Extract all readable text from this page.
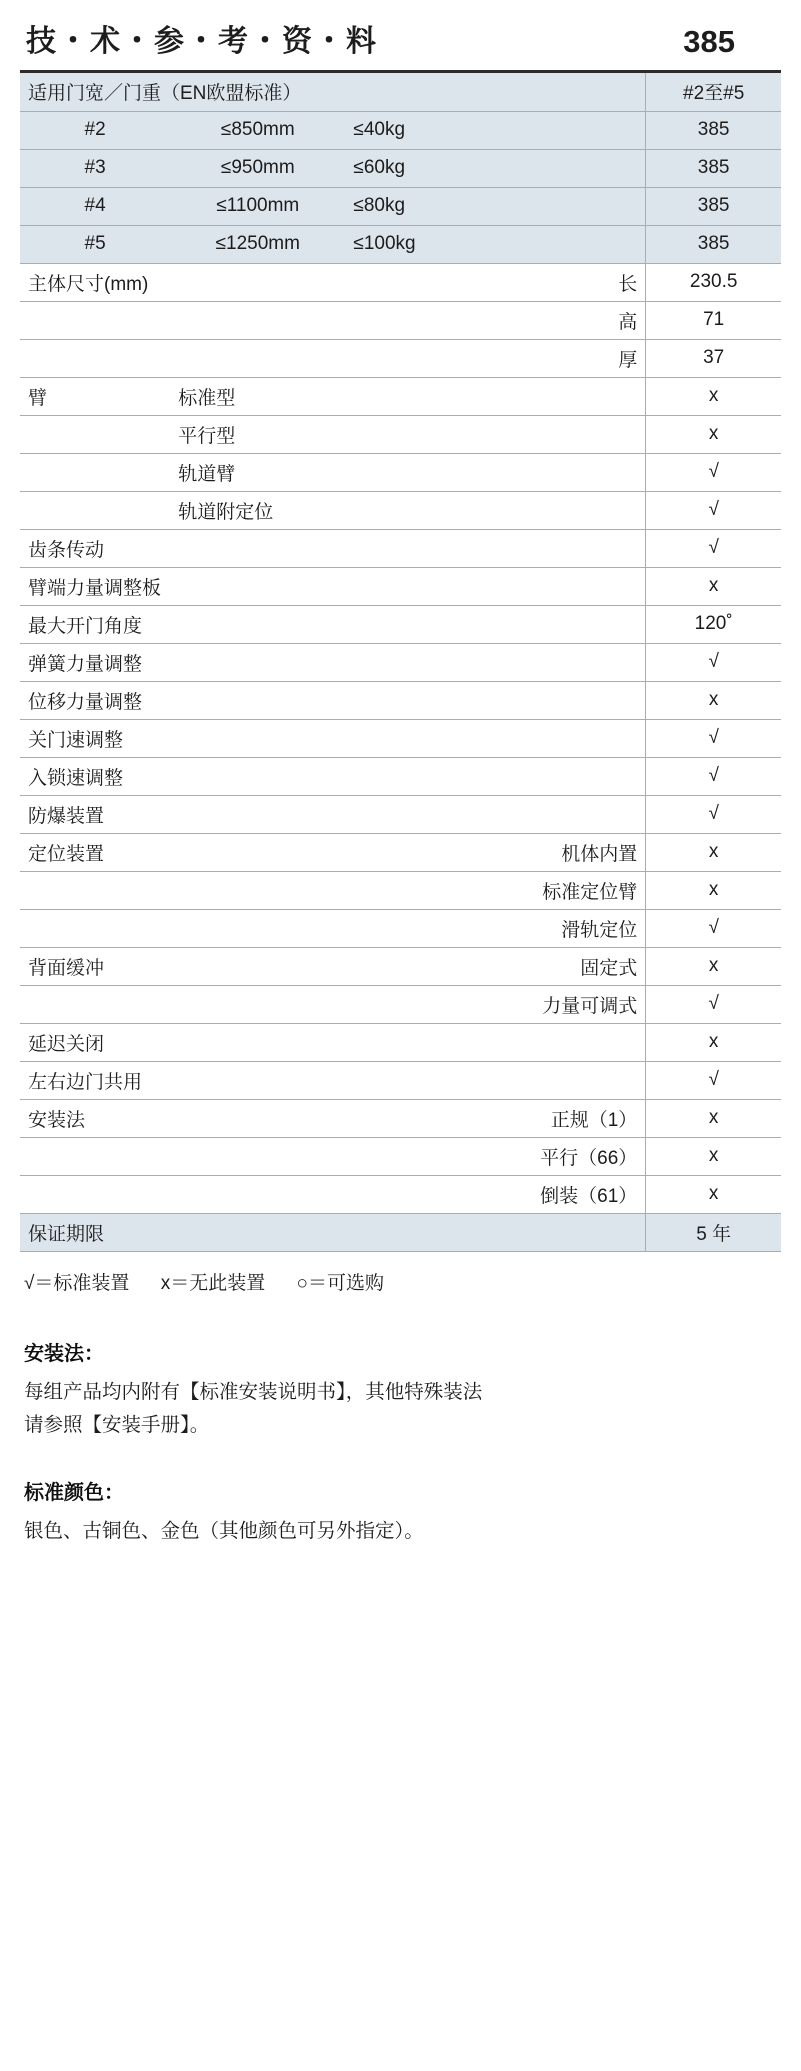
技・术・参・考・资・料	385
适用门宽／门重（EN欧盟标准）			#2至#5
#2	≤850mm	≤40kg	385
#3	≤950mm	≤60kg	385
#4	≤1100mm	≤80kg	385
#5	≤1250mm	≤100kg	385
主体尺寸(mm)		长	230.5
		高	71
		厚	37
臂	标准型		x
	平行型		x
	轨道臂		√
	轨道附定位		√
齿条传动			√
臂端力量调整板			x
最大开门角度			120˚
弹簧力量调整			√
位移力量调整			x
关门速调整			√
入锁速调整			√
防爆装置			√
定位装置		机体内置	x
		标准定位臂	x
		滑轨定位	√
背面缓冲		固定式	x
		力量可调式	√
延迟关闭			x
左右边门共用			√
安装法		正规（1）	x
		平行（66）	x
		倒装（61）	x
保证期限			5 年
√＝标准装置 x＝无此装置 ○＝可选购
安装法：
每组产品均内附有【标准安装说明书】，其他特殊装法
请参照【安装手册】。
标准颜色：
银色、古铜色、金色（其他颜色可另外指定）。
